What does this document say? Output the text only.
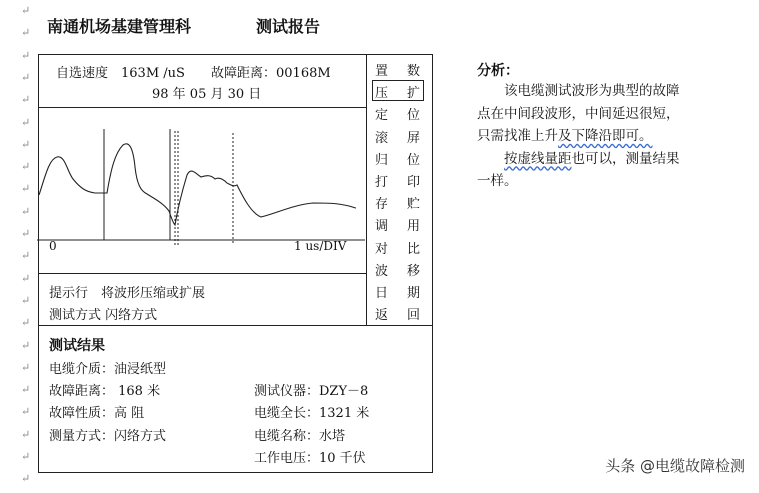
↵
↵
↵
↵
↵
↵
↵
↵
↵
↵
↵
↵
↵
↵
↵
↵
↵
↵
↵
↵
↵
↵
南通机场基建管理科	测试报告
自选速度　163M /uS 故障距离：00168M
98 年 05 月 30 日
0	1 us/DIV
提示行　将波形压缩或扩展
测试方式 闪络方式
置 数
压 扩
定 位
滚 屏
归 位
打 印
存 贮
调 用
对 比
波 移
日 期
返 回
测试结果
电缆介质：油浸纸型
故障距离： 168 米
故障性质：高 阻
测量方式：闪络方式
测试仪器：DZY－8
电缆全长：1321 米
电缆名称：水塔
工作电压：10 千伏
分析：
该电缆测试波形为典型的故障点在中间段波形，中间延迟很短，只需找准上升及下降沿即可。
按虚线量距也可以，测量结果一样。
头条 @电缆故障检测
